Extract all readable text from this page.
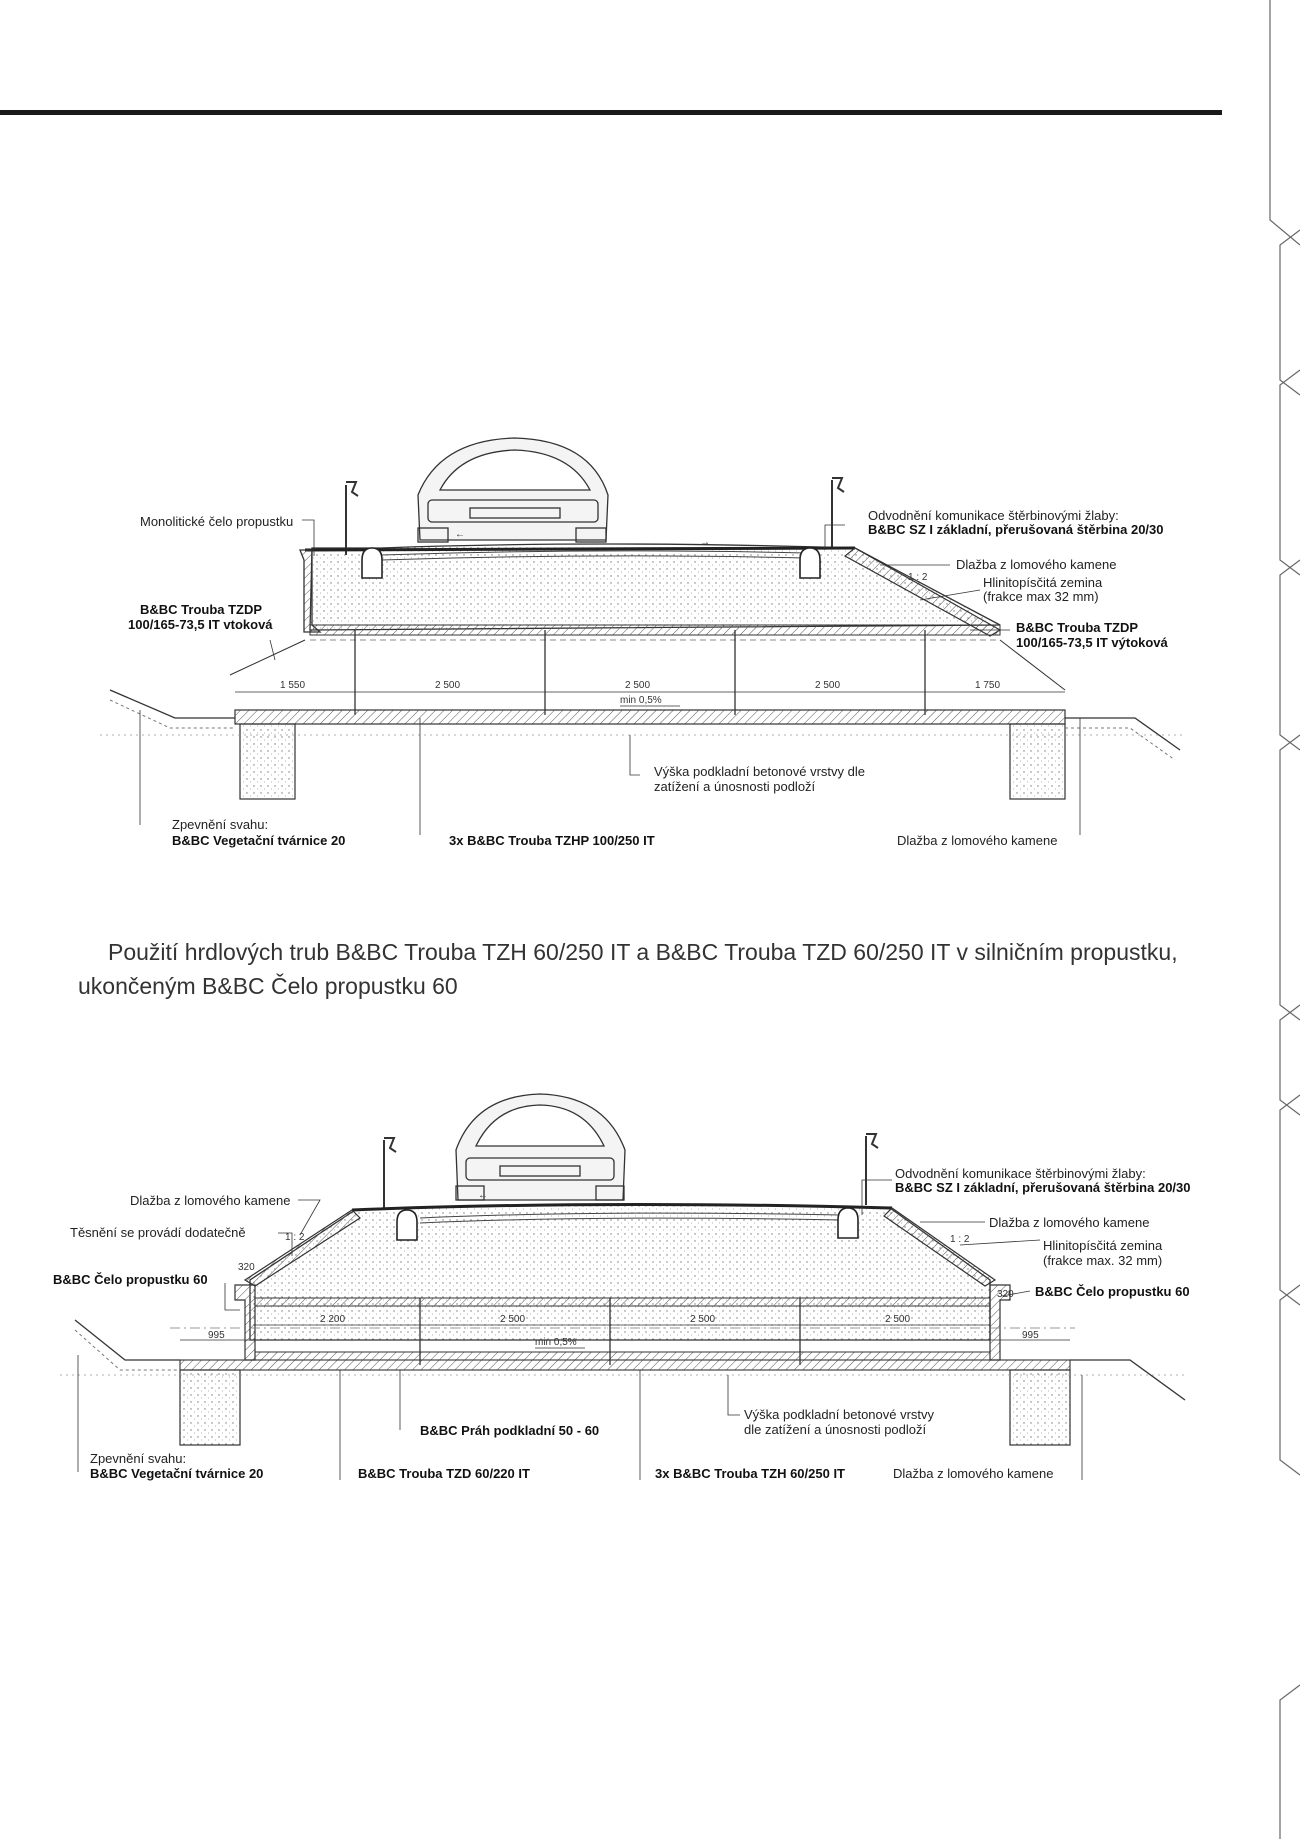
1 550	2 500	2 500	2 500	1 750
min 0,5%
1 : 2
←
→
Monolitické čelo propustku
B&BC Trouba TZDP
100/165-73,5 IT vtoková
Odvodnění komunikace štěrbinovými žlaby:
B&BC SZ I základní, přerušovaná štěrbina 20/30
Dlažba z lomového kamene
Hlinitopísčitá zemina
(frakce max 32 mm)
B&BC Trouba TZDP
100/165-73,5 IT výtoková
Výška podkladní betonové vrstvy dle
zatížení a únosnosti podloží
Zpevnění svahu:
B&BC Vegetační tvárnice 20	3x B&BC Trouba TZHP 100/250 IT	Dlažba z lomového kamene

Použití hrdlových trub B&BC Trouba TZH 60/250 IT a B&BC Trouba TZD 60/250 IT v silničním propustku, ukončeným B&BC Čelo propustku 60

320
995
2 200	2 500	2 500	2 500
320
995
min 0,5%
1 : 2	1 : 2
←
→
Dlažba z lomového kamene
Těsnění se provádí dodatečně
B&BC Čelo propustku 60
Odvodnění komunikace štěrbinovými žlaby:
B&BC SZ I základní, přerušovaná štěrbina 20/30
Dlažba z lomového kamene
Hlinitopísčitá zemina
(frakce max. 32 mm)
B&BC Čelo propustku 60
B&BC Práh podkladní 50 - 60
Výška podkladní betonové vrstvy
dle zatížení a únosnosti podloží
Zpevnění svahu:
B&BC Vegetační tvárnice 20	B&BC Trouba TZD 60/220 IT	3x B&BC Trouba TZH 60/250 IT	Dlažba z lomového kamene
